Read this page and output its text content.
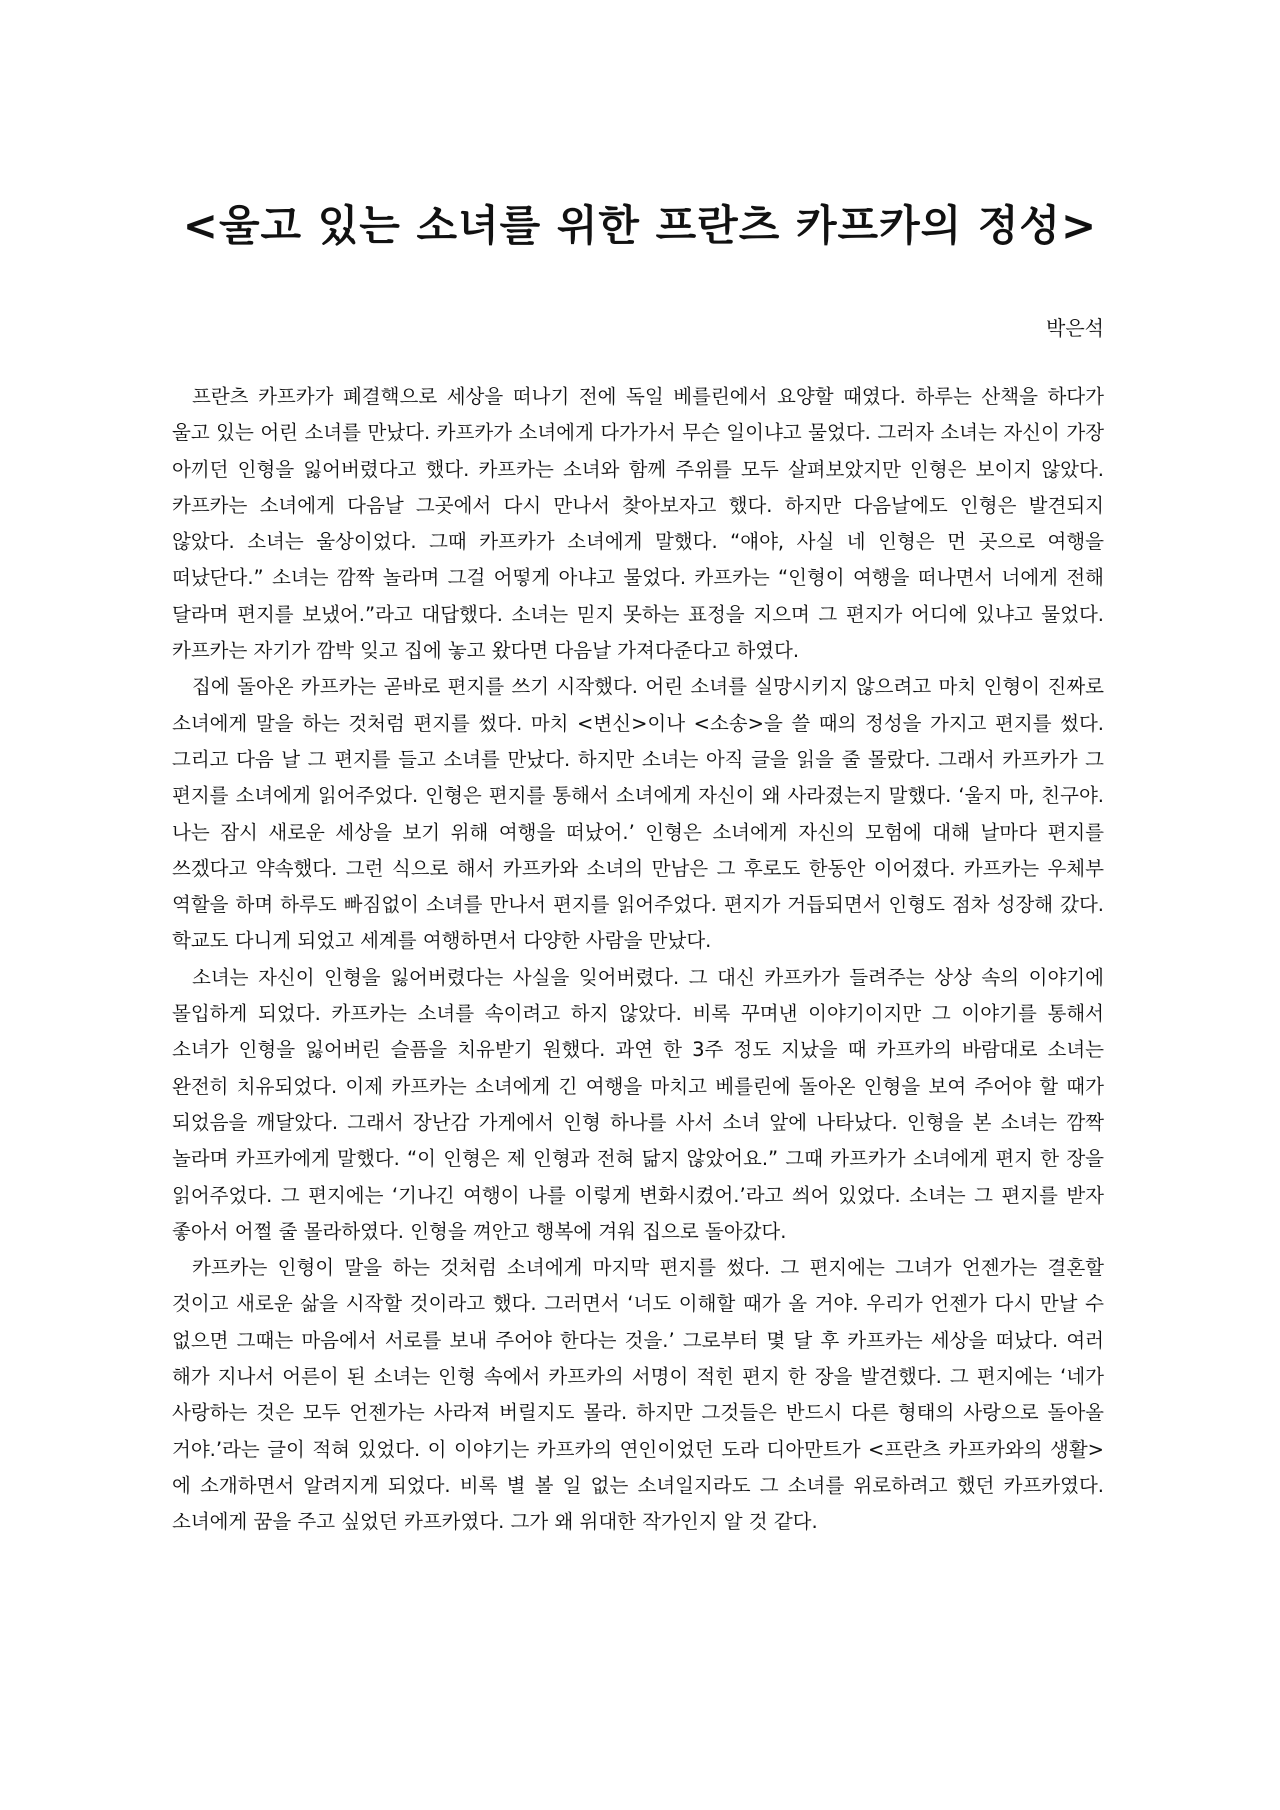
<울고 있는 소녀를 위한 프란츠 카프카의 정성>

박은석

프란츠 카프카가 폐결핵으로 세상을 떠나기 전에 독일 베를린에서 요양할 때였다. 하루는 산책을 하다가 울고 있는 어린 소녀를 만났다. 카프카가 소녀에게 다가가서 무슨 일이냐고 물었다. 그러자 소녀는 자신이 가장 아끼던 인형을 잃어버렸다고 했다. 카프카는 소녀와 함께 주위를 모두 살펴보았지만 인형은 보이지 않았다. 카프카는 소녀에게 다음날 그곳에서 다시 만나서 찾아보자고 했다. 하지만 다음날에도 인형은 발견되지 않았다. 소녀는 울상이었다. 그때 카프카가 소녀에게 말했다. “얘야, 사실 네 인형은 먼 곳으로 여행을 떠났단다.” 소녀는 깜짝 놀라며 그걸 어떻게 아냐고 물었다. 카프카는 “인형이 여행을 떠나면서 너에게 전해 달라며 편지를 보냈어.”라고 대답했다. 소녀는 믿지 못하는 표정을 지으며 그 편지가 어디에 있냐고 물었다. 카프카는 자기가 깜박 잊고 집에 놓고 왔다면 다음날 가져다준다고 하였다.

집에 돌아온 카프카는 곧바로 편지를 쓰기 시작했다. 어린 소녀를 실망시키지 않으려고 마치 인형이 진짜로 소녀에게 말을 하는 것처럼 편지를 썼다. 마치 <변신>이나 <소송>을 쓸 때의 정성을 가지고 편지를 썼다. 그리고 다음 날 그 편지를 들고 소녀를 만났다. 하지만 소녀는 아직 글을 읽을 줄 몰랐다. 그래서 카프카가 그 편지를 소녀에게 읽어주었다. 인형은 편지를 통해서 소녀에게 자신이 왜 사라졌는지 말했다. ‘울지 마, 친구야. 나는 잠시 새로운 세상을 보기 위해 여행을 떠났어.’ 인형은 소녀에게 자신의 모험에 대해 날마다 편지를 쓰겠다고 약속했다. 그런 식으로 해서 카프카와 소녀의 만남은 그 후로도 한동안 이어졌다. 카프카는 우체부 역할을 하며 하루도 빠짐없이 소녀를 만나서 편지를 읽어주었다. 편지가 거듭되면서 인형도 점차 성장해 갔다. 학교도 다니게 되었고 세계를 여행하면서 다양한 사람을 만났다.

소녀는 자신이 인형을 잃어버렸다는 사실을 잊어버렸다. 그 대신 카프카가 들려주는 상상 속의 이야기에 몰입하게 되었다. 카프카는 소녀를 속이려고 하지 않았다. 비록 꾸며낸 이야기이지만 그 이야기를 통해서 소녀가 인형을 잃어버린 슬픔을 치유받기 원했다. 과연 한 3주 정도 지났을 때 카프카의 바람대로 소녀는 완전히 치유되었다. 이제 카프카는 소녀에게 긴 여행을 마치고 베를린에 돌아온 인형을 보여 주어야 할 때가 되었음을 깨달았다. 그래서 장난감 가게에서 인형 하나를 사서 소녀 앞에 나타났다. 인형을 본 소녀는 깜짝 놀라며 카프카에게 말했다. “이 인형은 제 인형과 전혀 닮지 않았어요.” 그때 카프카가 소녀에게 편지 한 장을 읽어주었다. 그 편지에는 ‘기나긴 여행이 나를 이렇게 변화시켰어.’라고 씌어 있었다. 소녀는 그 편지를 받자 좋아서 어쩔 줄 몰라하였다. 인형을 껴안고 행복에 겨워 집으로 돌아갔다.

카프카는 인형이 말을 하는 것처럼 소녀에게 마지막 편지를 썼다. 그 편지에는 그녀가 언젠가는 결혼할 것이고 새로운 삶을 시작할 것이라고 했다. 그러면서 ‘너도 이해할 때가 올 거야. 우리가 언젠가 다시 만날 수 없으면 그때는 마음에서 서로를 보내 주어야 한다는 것을.’ 그로부터 몇 달 후 카프카는 세상을 떠났다. 여러 해가 지나서 어른이 된 소녀는 인형 속에서 카프카의 서명이 적힌 편지 한 장을 발견했다. 그 편지에는 ‘네가 사랑하는 것은 모두 언젠가는 사라져 버릴지도 몰라. 하지만 그것들은 반드시 다른 형태의 사랑으로 돌아올 거야.’라는 글이 적혀 있었다. 이 이야기는 카프카의 연인이었던 도라 디아만트가 <프란츠 카프카와의 생활>에 소개하면서 알려지게 되었다. 비록 별 볼 일 없는 소녀일지라도 그 소녀를 위로하려고 했던 카프카였다. 소녀에게 꿈을 주고 싶었던 카프카였다. 그가 왜 위대한 작가인지 알 것 같다.
